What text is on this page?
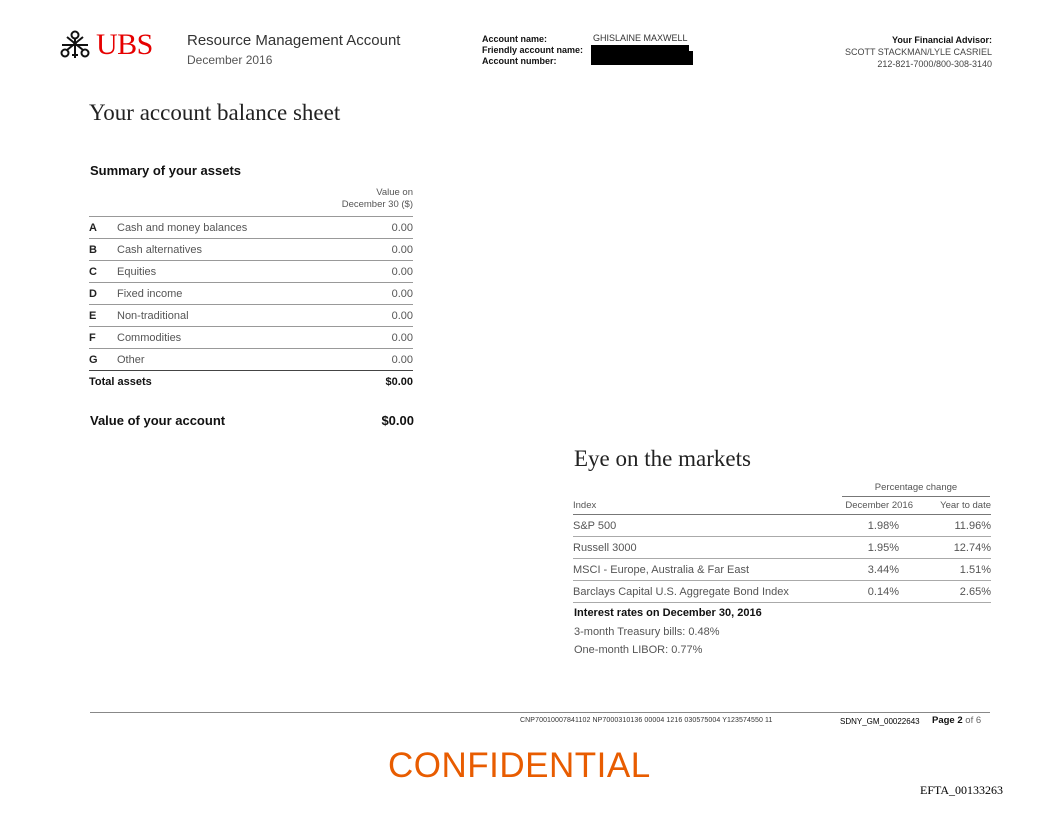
UBS Resource Management Account
December 2016
Account name:
Friendly account name:
Account number:
GHISLAINE MAXWELL	Your Financial Advisor:
SCOTT STACKMAN/LYLE CASRIEL
212-821-7000/800-308-3140
Your account balance sheet
Summary of your assets
Value on
December 30 ($)
A	Cash and money balances	0.00
B	Cash alternatives	0.00
C	Equities	0.00
D	Fixed income	0.00
E	Non-traditional	0.00
F	Commodities	0.00
G	Other	0.00
Total assets		$0.00
Value of your account	$0.00
Eye on the markets
Percentage change
Index	December 2016	Year to date
S&P 500	1.98%	11.96%
Russell 3000	1.95%	12.74%
MSCI - Europe, Australia & Far East	3.44%	1.51%
Barclays Capital U.S. Aggregate Bond Index	0.14%	2.65%
Interest rates on December 30, 2016
3-month Treasury bills: 0.48%
One-month LIBOR: 0.77%
CNP70010007841102 NP7000310136 00004 1216 030575004 Y123574550 11	SDNY_GM_00022643 Page 2 of 6
CONFIDENTIAL
EFTA_00133263
